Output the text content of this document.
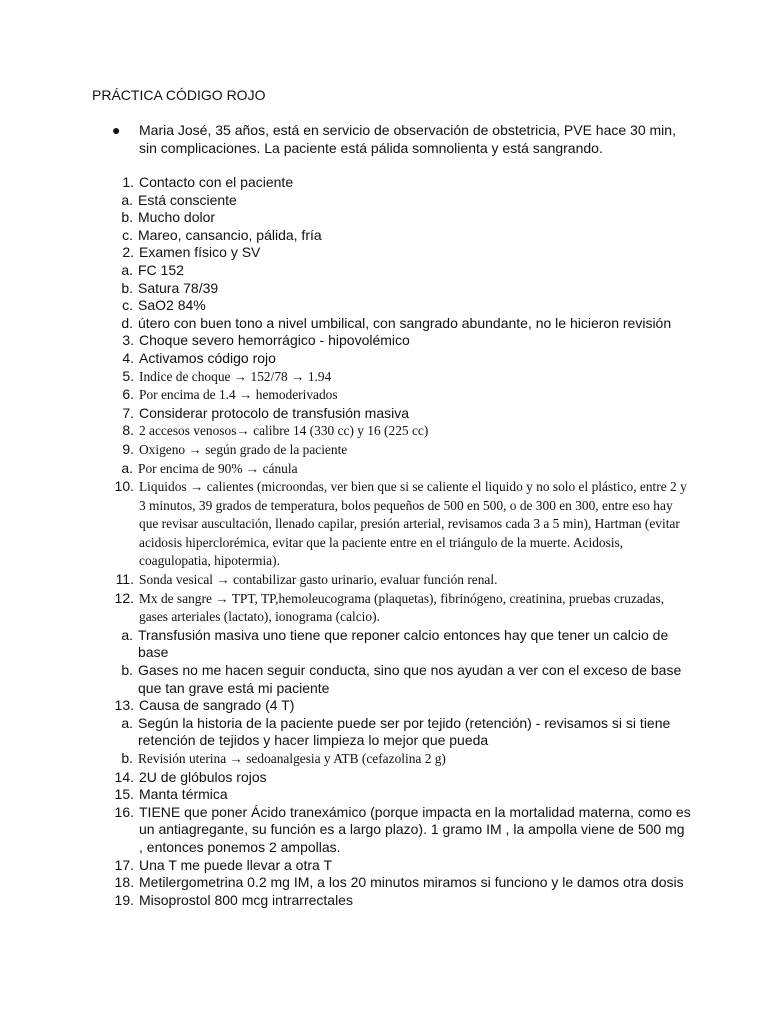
PRÁCTICA CÓDIGO ROJO
● Maria José, 35 años, está en servicio de observación de obstetricia, PVE hace 30 min, sin complicaciones. La paciente está pálida somnolienta y está sangrando.
1. Contacto con el paciente
a. Está consciente
b. Mucho dolor
c. Mareo, cansancio, pálida, fría
2. Examen físico y SV
a. FC 152
b. Satura 78/39
c. SaO2 84%
d. útero con buen tono a nivel umbilical, con sangrado abundante, no le hicieron revisión
3. Choque severo hemorrágico - hipovolémico
4. Activamos código rojo
5. Indice de choque → 152/78 → 1.94
6. Por encima de 1.4 → hemoderivados
7. Considerar protocolo de transfusión masiva
8. 2 accesos venosos→ calibre 14 (330 cc) y 16 (225 cc)
9. Oxigeno → según grado de la paciente
a. Por encima de 90% → cánula
10. Liquidos → calientes (microondas, ver bien que si se caliente el liquido y no solo el plástico, entre 2 y 3 minutos, 39 grados de temperatura, bolos pequeños de 500 en 500, o de 300 en 300, entre eso hay que revisar auscultación, llenado capilar, presión arterial, revisamos cada 3 a 5 min), Hartman (evitar acidosis hiperclorémica, evitar que la paciente entre en el triángulo de la muerte. Acidosis, coagulopatia, hipotermia).
11. Sonda vesical → contabilizar gasto urinario, evaluar función renal.
12. Mx de sangre → TPT, TP,hemoleucograma (plaquetas), fibrinógeno, creatinina, pruebas cruzadas, gases arteriales (lactato), ionograma (calcio).
a. Transfusión masiva uno tiene que reponer calcio entonces hay que tener un calcio de base
b. Gases no me hacen seguir conducta, sino que nos ayudan a ver con el exceso de base que tan grave está mi paciente
13. Causa de sangrado (4 T)
a. Según la historia de la paciente puede ser por tejido (retención) - revisamos si si tiene retención de tejidos y hacer limpieza lo mejor que pueda
b. Revisión uterina → sedoanalgesia y ATB (cefazolina 2 g)
14. 2U de glóbulos rojos
15. Manta térmica
16. TIENE que poner Ácido tranexámico (porque impacta en la mortalidad materna, como es un antiagregante, su función es a largo plazo). 1 gramo IM , la ampolla viene de 500 mg , entonces ponemos 2 ampollas.
17. Una T me puede llevar a otra T
18. Metilergometrina 0.2 mg IM, a los 20 minutos miramos si funciono y le damos otra dosis
19. Misoprostol 800 mcg intrarrectales
